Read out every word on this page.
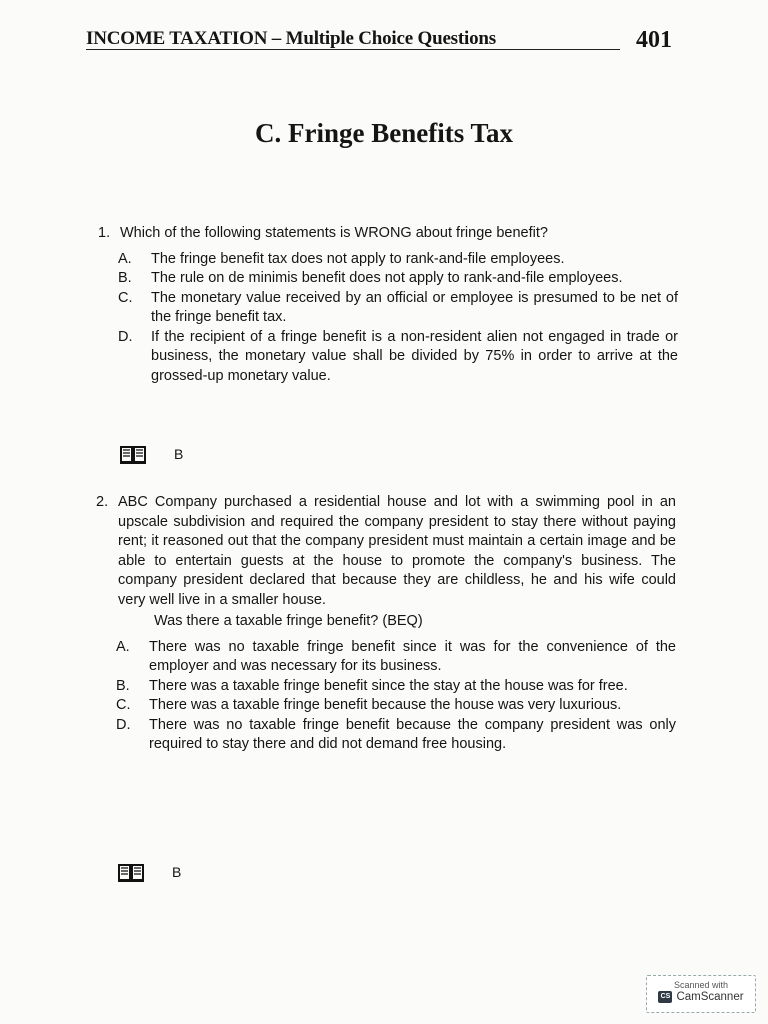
INCOME TAXATION – Multiple Choice Questions	401
C. Fringe Benefits Tax
1. Which of the following statements is WRONG about fringe benefit?
A.	The fringe benefit tax does not apply to rank-and-file employees.
B.	The rule on de minimis benefit does not apply to rank-and-file employees.
C.	The monetary value received by an official or employee is presumed to be net of the fringe benefit tax.
D.	If the recipient of a fringe benefit is a non-resident alien not engaged in trade or business, the monetary value shall be divided by 75% in order to arrive at the grossed-up monetary value.
B
2. ABC Company purchased a residential house and lot with a swimming pool in an upscale subdivision and required the company president to stay there without paying rent; it reasoned out that the company president must maintain a certain image and be able to entertain guests at the house to promote the company's business. The company president declared that because they are childless, he and his wife could very well live in a smaller house.
Was there a taxable fringe benefit? (BEQ)
A.	There was no taxable fringe benefit since it was for the convenience of the employer and was necessary for its business.
B.	There was a taxable fringe benefit since the stay at the house was for free.
C.	There was a taxable fringe benefit because the house was very luxurious.
D.	There was no taxable fringe benefit because the company president was only required to stay there and did not demand free housing.
B
Scanned with
CS CamScanner
